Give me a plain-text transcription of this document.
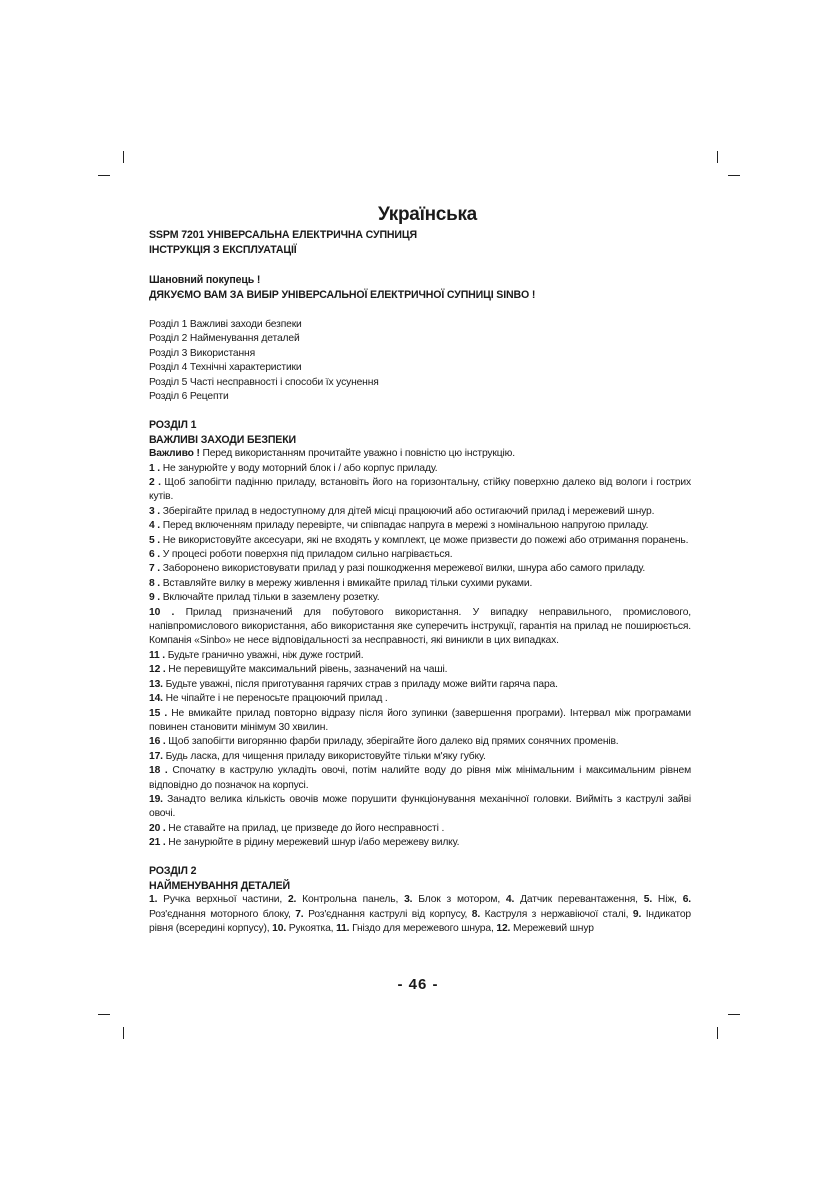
Українська
SSPM 7201 УНІВЕРСАЛЬНА ЕЛЕКТРИЧНА СУПНИЦЯ
ІНСТРУКЦІЯ З ЕКСПЛУАТАЦІЇ
Шановний покупець !
ДЯКУЄМО ВАМ ЗА ВИБІР УНІВЕРСАЛЬНОЇ ЕЛЕКТРИЧНОЇ СУПНИЦІ SINBO !
Розділ 1 Важливі заходи безпеки
Розділ 2 Найменування деталей
Розділ 3 Використання
Розділ 4 Технічні характеристики
Розділ 5 Часті несправності і способи їх усунення
Розділ 6 Рецепти
РОЗДІЛ 1
ВАЖЛИВІ ЗАХОДИ БЕЗПЕКИ
Важливо ! Перед використанням прочитайте уважно і повністю цю інструкцію.
1 . Не занурюйте у воду моторний блок і / або корпус приладу.
2 . Щоб запобігти падінню приладу, встановіть його на горизонтальну, стійку поверхню далеко від вологи і гострих кутів.
3 . Зберігайте прилад в недоступному для дітей місці працюючий або остигаючий прилад і мережевий шнур.
4 . Перед включенням приладу перевірте, чи співпадає напруга в мережі з номінальною напругою приладу.
5 . Не використовуйте аксесуари, які не входять у комплект, це може призвести до пожежі або отримання поранень.
6 . У процесі роботи поверхня під приладом сильно нагрівається.
7 . Заборонено використовувати прилад у разі пошкодження мережевої вилки, шнура або самого приладу.
8 . Вставляйте вилку в мережу живлення і вмикайте прилад тільки сухими руками.
9 . Включайте прилад тільки в заземлену розетку.
10 . Прилад призначений для побутового використання. У випадку неправильного, промислового, напівпромислового використання, або використання яке суперечить інструкції, гарантія на прилад не поширюється. Компанія «Sinbo» не несе відповідальності за несправності, які виникли в цих випадках.
11 . Будьте гранично уважні, ніж дуже гострий.
12 . Не перевищуйте максимальний рівень, зазначений на чаші.
13. Будьте уважні, після приготування гарячих страв з приладу може вийти гаряча пара.
14. Не чіпайте і не переносьте працюючий прилад .
15 . Не вмикайте прилад повторно відразу після його зупинки (завершення програми). Інтервал між програмами повинен становити мінімум 30 хвилин.
16 . Щоб запобігти вигорянню фарби приладу, зберігайте його далеко від прямих сонячних променів.
17. Будь ласка, для чищення приладу використовуйте тільки м'яку губку.
18 . Спочатку в каструлю укладіть овочі, потім налийте воду до рівня між мінімальним і максимальним рівнем відповідно до позначок на корпусі.
19. Занадто велика кількість овочів може порушити функціонування механічної головки. Вийміть з каструлі зайві овочі.
20 . Не ставайте на прилад, це призведе до його несправності .
21 . Не занурюйте в рідину мережевий шнур і/або мережеву вилку.
РОЗДІЛ 2
НАЙМЕНУВАННЯ ДЕТАЛЕЙ
1. Ручка верхньої частини, 2. Контрольна панель, 3. Блок з мотором, 4. Датчик перевантаження, 5. Ніж, 6. Роз'єднання моторного блоку, 7. Роз'єднання каструлі від корпусу, 8. Каструля з нержавіючої сталі, 9. Індикатор рівня (всередині корпусу), 10. Рукоятка, 11. Гніздо для мережевого шнура, 12. Мережевий шнур
- 46 -
